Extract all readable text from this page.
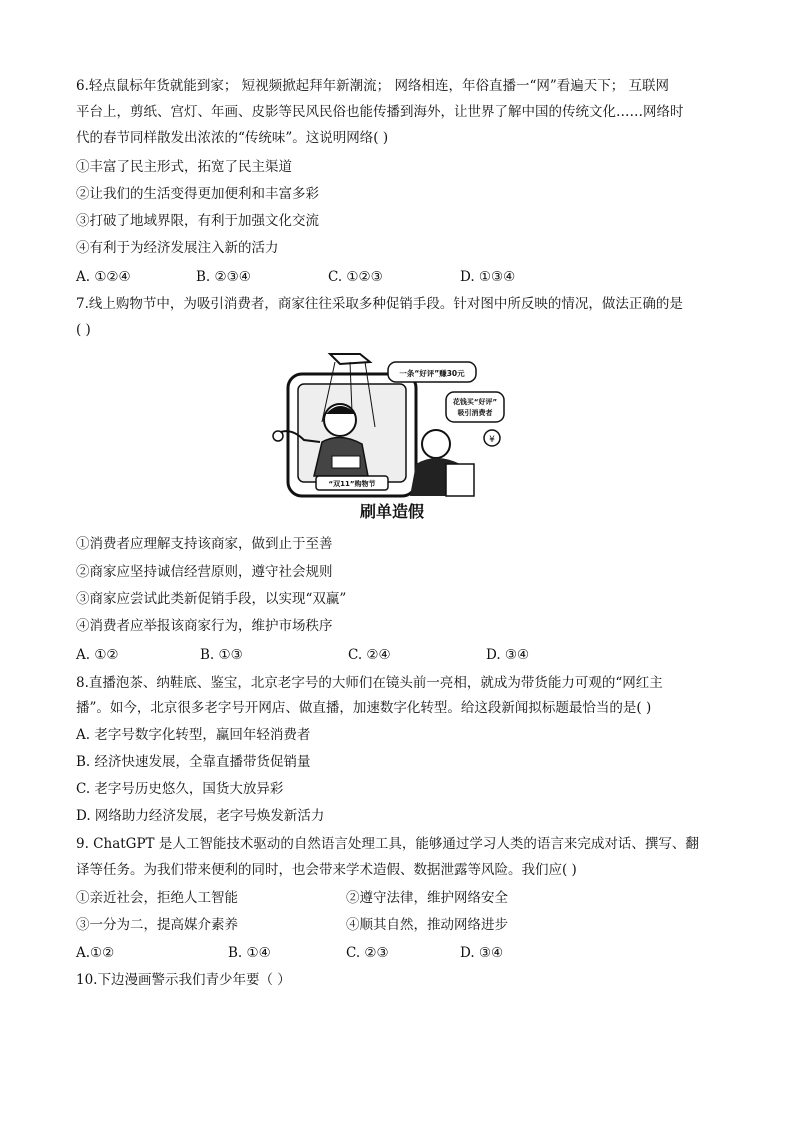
6.轻点鼠标年货就能到家； 短视频掀起拜年新潮流； 网络相连，年俗直播一“网”看遍天下； 互联网
平台上，剪纸、宫灯、年画、皮影等民风民俗也能传播到海外，让世界了解中国的传统文化……网络时
代的春节同样散发出浓浓的“传统味”。这说明网络( )
①丰富了民主形式，拓宽了民主渠道
②让我们的生活变得更加便利和丰富多彩
③打破了地域界限，有利于加强文化交流
④有利于为经济发展注入新的活力
A. ①②④	B. ②③④	C. ①②③	D. ①③④
7.线上购物节中，为吸引消费者，商家往往采取多种促销手段。针对图中所反映的情况，做法正确的是
( )
“双11”购物节
一条“好评”赚30元
花钱买“好评”
吸引消费者
¥
刷单造假
①消费者应理解支持该商家，做到止于至善
②商家应坚持诚信经营原则，遵守社会规则
③商家应尝试此类新促销手段，以实现“双赢”
④消费者应举报该商家行为，维护市场秩序
A. ①②	B. ①③	C. ②④	D. ③④
8.直播泡茶、纳鞋底、鉴宝，北京老字号的大师们在镜头前一亮相，就成为带货能力可观的“网红主
播”。如今，北京很多老字号开网店、做直播，加速数字化转型。给这段新闻拟标题最恰当的是( )
A. 老字号数字化转型，赢回年轻消费者
B. 经济快速发展，全靠直播带货促销量
C. 老字号历史悠久，国货大放异彩
D. 网络助力经济发展，老字号焕发新活力
9. ChatGPT 是人工智能技术驱动的自然语言处理工具，能够通过学习人类的语言来完成对话、撰写、翻
译等任务。为我们带来便利的同时，也会带来学术造假、数据泄露等风险。我们应( )
①亲近社会，拒绝人工智能	②遵守法律，维护网络安全
③一分为二，提高媒介素养	④顺其自然，推动网络进步
A.①②	B. ①④	C. ②③	D. ③④
10.下边漫画警示我们青少年要（ ）
